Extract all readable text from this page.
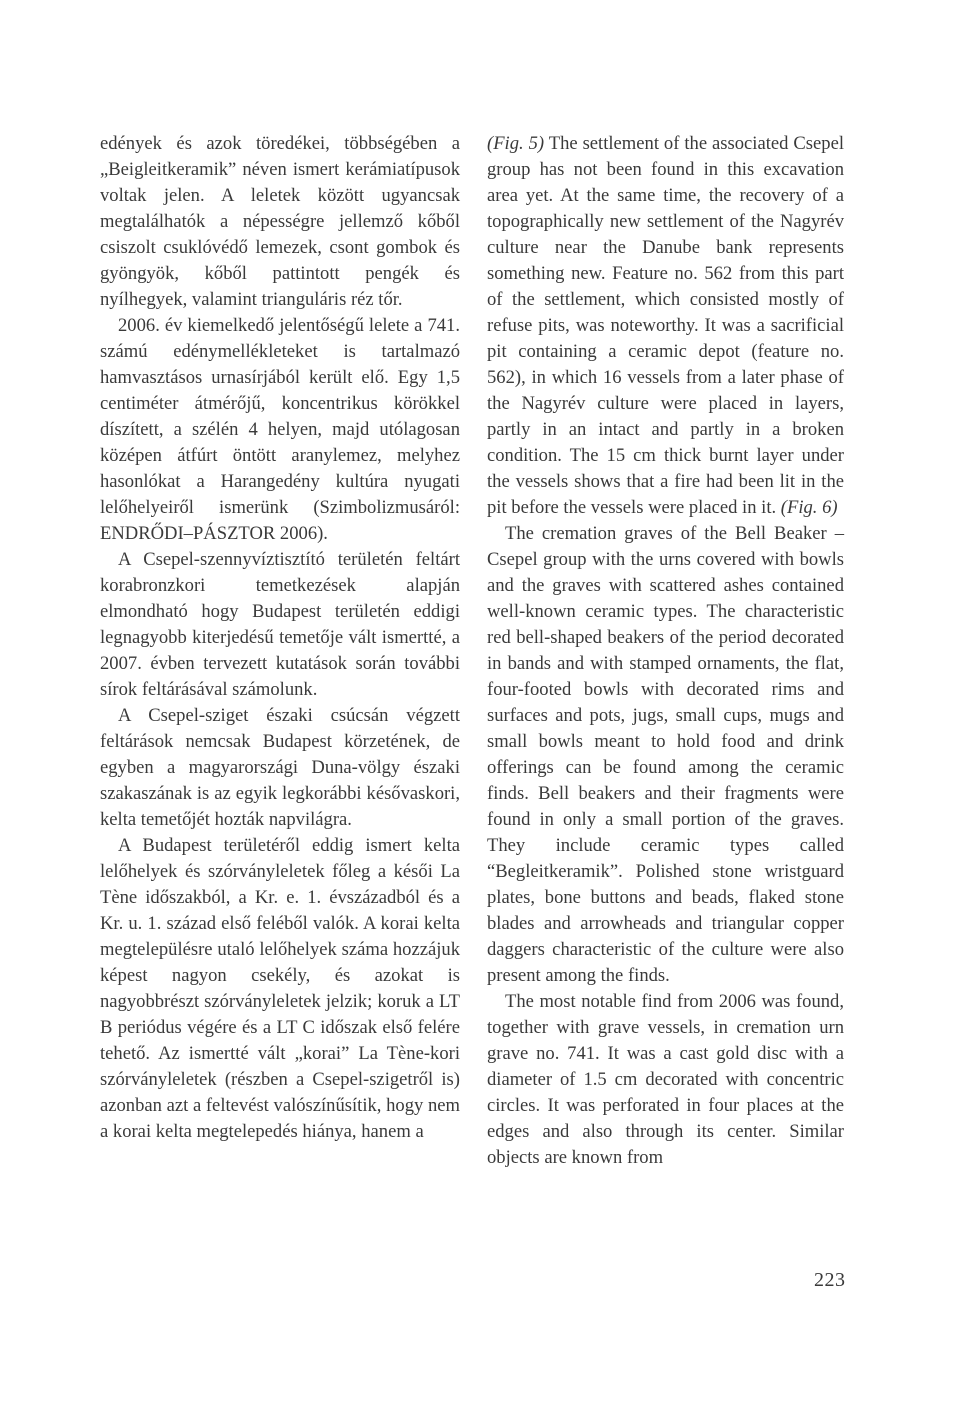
edények és azok töredékei, többségében a „Beigleitkeramik” néven ismert kerámiatípusok voltak jelen. A leletek között ugyancsak megtalálhatók a népességre jellemző kőből csiszolt csuklóvédő lemezek, csont gombok és gyöngyök, kőből pattintott pengék és nyílhegyek, valamint trianguláris réz tőr.

2006. év kiemelkedő jelentőségű lelete a 741. számú edénymellékleteket is tartalmazó hamvasztásos urnasírjából került elő. Egy 1,5 centiméter átmérőjű, koncentrikus körökkel díszített, a szélén 4 helyen, majd utólagosan középen átfúrt öntött aranylemez, melyhez hasonlókat a Harangedény kultúra nyugati lelőhelyeiről ismerünk (Szimbolizmusáról: ENDRŐDI–PÁSZTOR 2006).

A Csepel-szennyvíztisztító területén feltárt korabronzkori temetkezések alapján elmondható hogy Budapest területén eddigi legnagyobb kiterjedésű temetője vált ismertté, a 2007. évben tervezett kutatások során további sírok feltárásával számolunk.

A Csepel-sziget északi csúcsán végzett feltárások nemcsak Budapest körzetének, de egyben a magyarországi Duna-völgy északi szakaszának is az egyik legkorábbi késővaskori, kelta temetőjét hozták napvilágra.

A Budapest területéről eddig ismert kelta lelőhelyek és szórványleletek főleg a késői La Tène időszakból, a Kr. e. 1. évszázadból és a Kr. u. 1. század első feléből valók. A korai kelta megtelepülésre utaló lelőhelyek száma hozzájuk képest nagyon csekély, és azokat is nagyobbrészt szórványleletek jelzik; koruk a LT B periódus végére és a LT C időszak első felére tehető. Az ismertté vált „korai” La Tène-kori szórványleletek (részben a Csepel-szigetről is) azonban azt a feltevést valószínűsítik, hogy nem a korai kelta megtelepedés hiánya, hanem a

(Fig. 5) The settlement of the associated Csepel group has not been found in this excavation area yet. At the same time, the recovery of a topographically new settlement of the Nagyrév culture near the Danube bank represents something new. Feature no. 562 from this part of the settlement, which consisted mostly of refuse pits, was noteworthy. It was a sacrificial pit containing a ceramic depot (feature no. 562), in which 16 vessels from a later phase of the Nagyrév culture were placed in layers, partly in an intact and partly in a broken condition. The 15 cm thick burnt layer under the vessels shows that a fire had been lit in the pit before the vessels were placed in it. (Fig. 6)

The cremation graves of the Bell Beaker – Csepel group with the urns covered with bowls and the graves with scattered ashes contained well-known ceramic types. The characteristic red bell-shaped beakers of the period decorated in bands and with stamped ornaments, the flat, four-footed bowls with decorated rims and surfaces and pots, jugs, small cups, mugs and small bowls meant to hold food and drink offerings can be found among the ceramic finds. Bell beakers and their fragments were found in only a small portion of the graves. They include ceramic types called “Begleitkeramik”. Polished stone wristguard plates, bone buttons and beads, flaked stone blades and arrowheads and triangular copper daggers characteristic of the culture were also present among the finds.

The most notable find from 2006 was found, together with grave vessels, in cremation urn grave no. 741. It was a cast gold disc with a diameter of 1.5 cm decorated with concentric circles. It was perforated in four places at the edges and also through its center. Similar objects are known from

223
